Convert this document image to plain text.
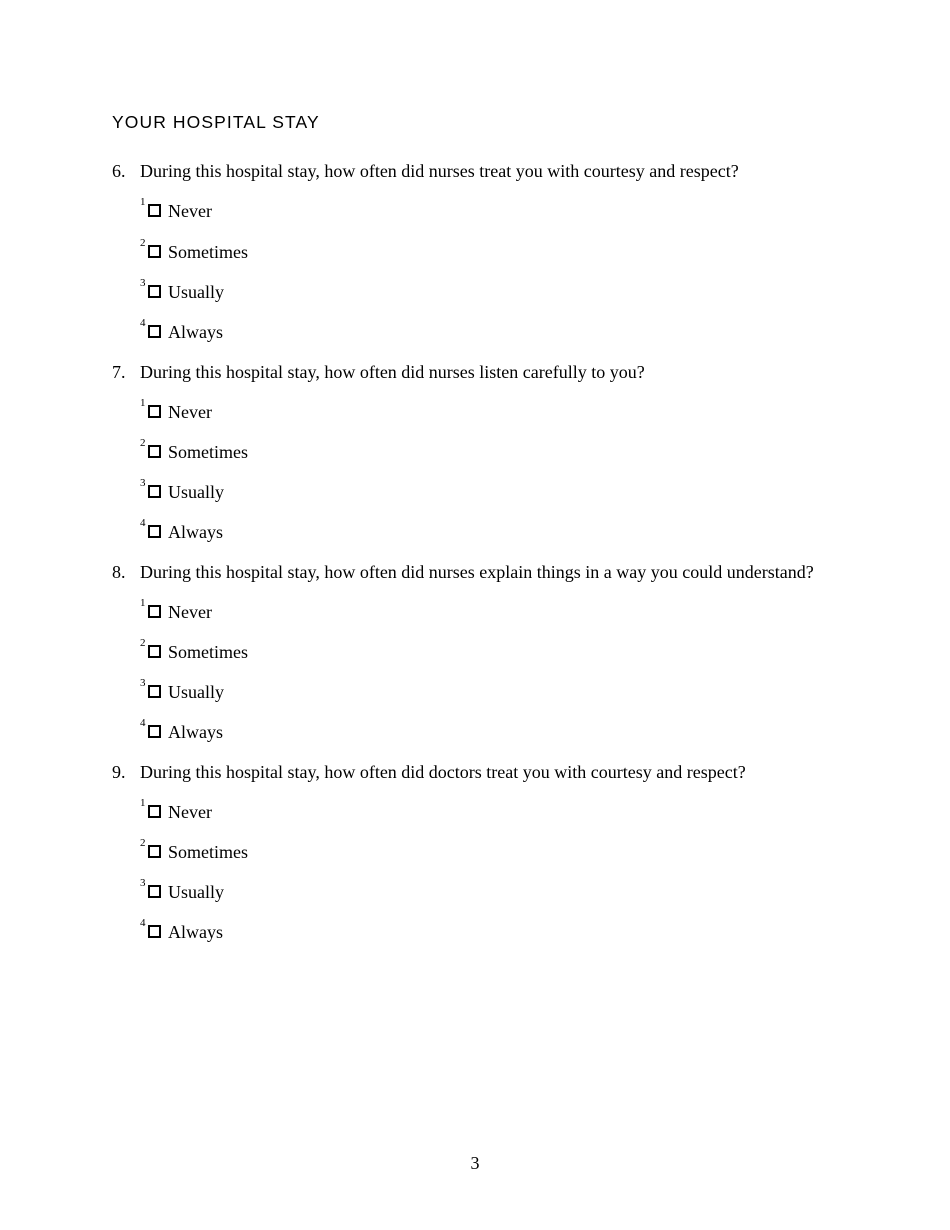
YOUR HOSPITAL STAY
6. During this hospital stay, how often did nurses treat you with courtesy and respect?
1 Never
2 Sometimes
3 Usually
4 Always
7. During this hospital stay, how often did nurses listen carefully to you?
1 Never
2 Sometimes
3 Usually
4 Always
8. During this hospital stay, how often did nurses explain things in a way you could understand?
1 Never
2 Sometimes
3 Usually
4 Always
9. During this hospital stay, how often did doctors treat you with courtesy and respect?
1 Never
2 Sometimes
3 Usually
4 Always
3
